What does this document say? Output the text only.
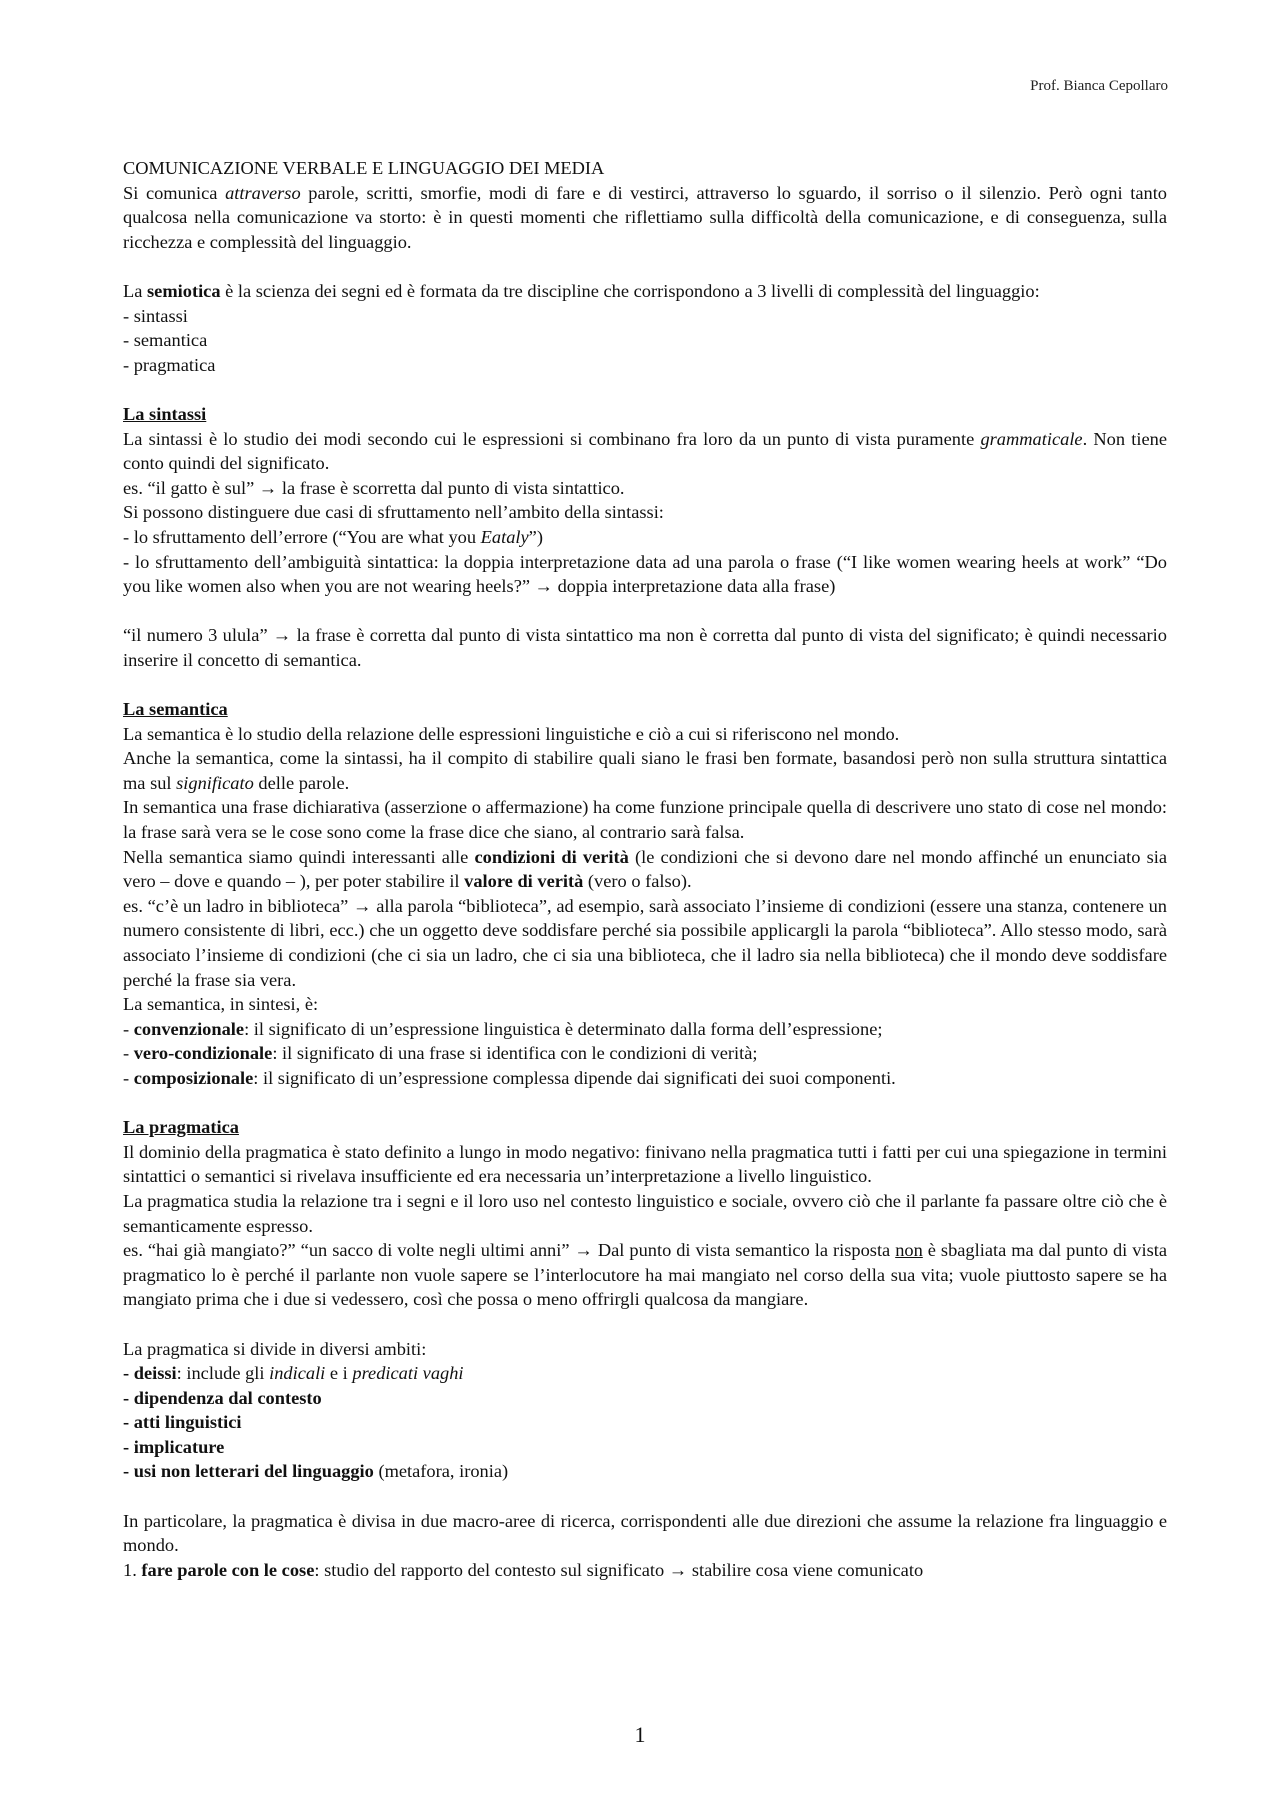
Prof. Bianca Cepollaro

COMUNICAZIONE VERBALE E LINGUAGGIO DEI MEDIA

Si comunica attraverso parole, scritti, smorfie, modi di fare e di vestirci, attraverso lo sguardo, il sorriso o il silenzio. Però ogni tanto qualcosa nella comunicazione va storto: è in questi momenti che riflettiamo sulla difficoltà della comunicazione, e di conseguenza, sulla ricchezza e complessità del linguaggio.

La semiotica è la scienza dei segni ed è formata da tre discipline che corrispondono a 3 livelli di complessità del linguaggio:

- sintassi

- semantica

- pragmatica

La sintassi

La sintassi è lo studio dei modi secondo cui le espressioni si combinano fra loro da un punto di vista puramente grammaticale. Non tiene conto quindi del significato.

es. “il gatto è sul” → la frase è scorretta dal punto di vista sintattico.

Si possono distinguere due casi di sfruttamento nell’ambito della sintassi:

- lo sfruttamento dell’errore (“You are what you Eataly”)

- lo sfruttamento dell’ambiguità sintattica: la doppia interpretazione data ad una parola o frase (“I like women wearing heels at work” “Do you like women also when you are not wearing heels?” → doppia interpretazione data alla frase)

“il numero 3 ulula” → la frase è corretta dal punto di vista sintattico ma non è corretta dal punto di vista del significato; è quindi necessario inserire il concetto di semantica.

La semantica

La semantica è lo studio della relazione delle espressioni linguistiche e ciò a cui si riferiscono nel mondo.

Anche la semantica, come la sintassi, ha il compito di stabilire quali siano le frasi ben formate, basandosi però non sulla struttura sintattica ma sul significato delle parole.

In semantica una frase dichiarativa (asserzione o affermazione) ha come funzione principale quella di descrivere uno stato di cose nel mondo: la frase sarà vera se le cose sono come la frase dice che siano, al contrario sarà falsa.

Nella semantica siamo quindi interessanti alle condizioni di verità (le condizioni che si devono dare nel mondo affinché un enunciato sia vero – dove e quando – ), per poter stabilire il valore di verità (vero o falso).

es. “c’è un ladro in biblioteca” → alla parola “biblioteca”, ad esempio, sarà associato l’insieme di condizioni (essere una stanza, contenere un numero consistente di libri, ecc.) che un oggetto deve soddisfare perché sia possibile applicargli la parola “biblioteca”. Allo stesso modo, sarà associato l’insieme di condizioni (che ci sia un ladro, che ci sia una biblioteca, che il ladro sia nella biblioteca) che il mondo deve soddisfare perché la frase sia vera.

La semantica, in sintesi, è:

- convenzionale: il significato di un’espressione linguistica è determinato dalla forma dell’espressione;

- vero-condizionale: il significato di una frase si identifica con le condizioni di verità;

- composizionale: il significato di un’espressione complessa dipende dai significati dei suoi componenti.

La pragmatica

Il dominio della pragmatica è stato definito a lungo in modo negativo: finivano nella pragmatica tutti i fatti per cui una spiegazione in termini sintattici o semantici si rivelava insufficiente ed era necessaria un’interpretazione a livello linguistico.

La pragmatica studia la relazione tra i segni e il loro uso nel contesto linguistico e sociale, ovvero ciò che il parlante fa passare oltre ciò che è semanticamente espresso.

es. “hai già mangiato?” “un sacco di volte negli ultimi anni” → Dal punto di vista semantico la risposta non è sbagliata ma dal punto di vista pragmatico lo è perché il parlante non vuole sapere se l’interlocutore ha mai mangiato nel corso della sua vita; vuole piuttosto sapere se ha mangiato prima che i due si vedessero, così che possa o meno offrirgli qualcosa da mangiare.

La pragmatica si divide in diversi ambiti:

- deissi: include gli indicali e i predicati vaghi

- dipendenza dal contesto

- atti linguistici

- implicature

- usi non letterari del linguaggio (metafora, ironia)

In particolare, la pragmatica è divisa in due macro-aree di ricerca, corrispondenti alle due direzioni che assume la relazione fra linguaggio e mondo.

1. fare parole con le cose: studio del rapporto del contesto sul significato → stabilire cosa viene comunicato

1
